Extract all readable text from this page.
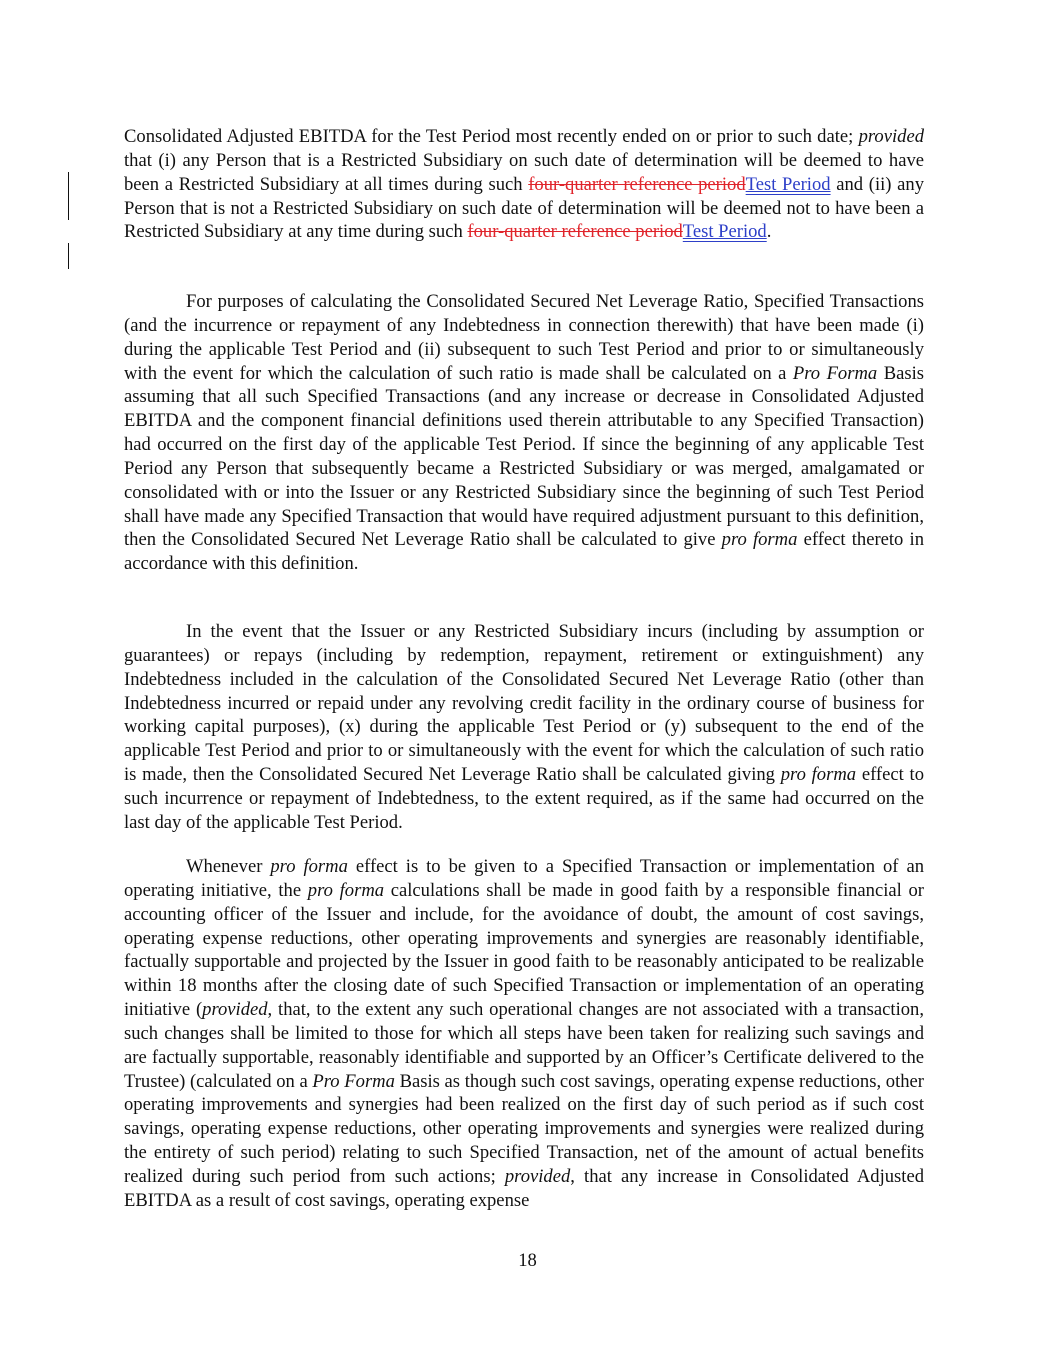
Consolidated Adjusted EBITDA for the Test Period most recently ended on or prior to such date; provided that (i) any Person that is a Restricted Subsidiary on such date of determination will be deemed to have been a Restricted Subsidiary at all times during such four-quarter reference periodTest Period and (ii) any Person that is not a Restricted Subsidiary on such date of determination will be deemed not to have been a Restricted Subsidiary at any time during such four-quarter reference periodTest Period.

For purposes of calculating the Consolidated Secured Net Leverage Ratio, Specified Transactions (and the incurrence or repayment of any Indebtedness in connection therewith) that have been made (i) during the applicable Test Period and (ii) subsequent to such Test Period and prior to or simultaneously with the event for which the calculation of such ratio is made shall be calculated on a Pro Forma Basis assuming that all such Specified Transactions (and any increase or decrease in Consolidated Adjusted EBITDA and the component financial definitions used therein attributable to any Specified Transaction) had occurred on the first day of the applicable Test Period. If since the beginning of any applicable Test Period any Person that subsequently became a Restricted Subsidiary or was merged, amalgamated or consolidated with or into the Issuer or any Restricted Subsidiary since the beginning of such Test Period shall have made any Specified Transaction that would have required adjustment pursuant to this definition, then the Consolidated Secured Net Leverage Ratio shall be calculated to give pro forma effect thereto in accordance with this definition.

In the event that the Issuer or any Restricted Subsidiary incurs (including by assumption or guarantees) or repays (including by redemption, repayment, retirement or extinguishment) any Indebtedness included in the calculation of the Consolidated Secured Net Leverage Ratio (other than Indebtedness incurred or repaid under any revolving credit facility in the ordinary course of business for working capital purposes), (x) during the applicable Test Period or (y) subsequent to the end of the applicable Test Period and prior to or simultaneously with the event for which the calculation of such ratio is made, then the Consolidated Secured Net Leverage Ratio shall be calculated giving pro forma effect to such incurrence or repayment of Indebtedness, to the extent required, as if the same had occurred on the last day of the applicable Test Period.

Whenever pro forma effect is to be given to a Specified Transaction or implementation of an operating initiative, the pro forma calculations shall be made in good faith by a responsible financial or accounting officer of the Issuer and include, for the avoidance of doubt, the amount of cost savings, operating expense reductions, other operating improvements and synergies are reasonably identifiable, factually supportable and projected by the Issuer in good faith to be reasonably anticipated to be realizable within 18 months after the closing date of such Specified Transaction or implementation of an operating initiative (provided, that, to the extent any such operational changes are not associated with a transaction, such changes shall be limited to those for which all steps have been taken for realizing such savings and are factually supportable, reasonably identifiable and supported by an Officer’s Certificate delivered to the Trustee) (calculated on a Pro Forma Basis as though such cost savings, operating expense reductions, other operating improvements and synergies had been realized on the first day of such period as if such cost savings, operating expense reductions, other operating improvements and synergies were realized during the entirety of such period) relating to such Specified Transaction, net of the amount of actual benefits realized during such period from such actions; provided, that any increase in Consolidated Adjusted EBITDA as a result of cost savings, operating expense

18
